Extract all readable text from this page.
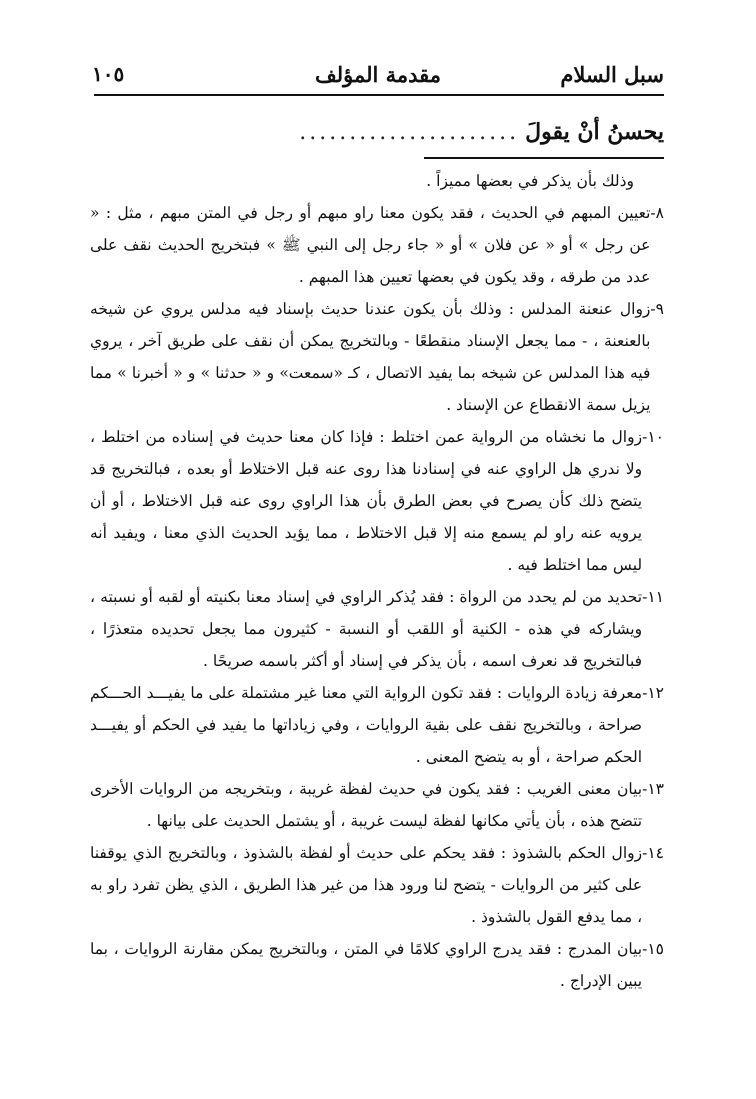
سبل السلام
مقدمة المؤلف
١٠٥
يحسنُ أنْ يقولَ
......................
وذلك بأن يذكر في بعضها مميزاً .
٨-
تعيين المبهم في الحديث ، فقد يكون معنا راو مبهم أو رجل في المتن مبهم ، مثل : « عن رجل » أو « عن فلان » أو « جاء رجل إلى النبي ﷺ » فبتخريج الحديث نقف على عدد من طرقه ، وقد يكون في بعضها تعيين هذا المبهم .
٩-
زوال عنعنة المدلس : وذلك بأن يكون عندنا حديث بإسناد فيه مدلس يروي عن شيخه بالعنعنة ، - مما يجعل الإسناد منقطعًا - وبالتخريج يمكن أن نقف على طريق آخر ، يروي فيه هذا المدلس عن شيخه بما يفيد الاتصال ، كـ «سمعت» و « حدثنا » و « أخبرنا » مما يزيل سمة الانقطاع عن الإسناد .
١٠-
زوال ما نخشاه من الرواية عمن اختلط : فإذا كان معنا حديث في إسناده من اختلط ، ولا ندري هل الراوي عنه في إسنادنا هذا روى عنه قبل الاختلاط أو بعده ، فبالتخريج قد يتضح ذلك كأن يصرح في بعض الطرق بأن هذا الراوي روى عنه قبل الاختلاط ، أو أن يرويه عنه راو لم يسمع منه إلا قبل الاختلاط ، مما يؤيد الحديث الذي معنا ، ويفيد أنه ليس مما اختلط فيه .
١١-
تحديد من لم يحدد من الرواة : فقد يُذكر الراوي في إسناد معنا بكنيته أو لقبه أو نسبته ، ويشاركه في هذه - الكنية أو اللقب أو النسبة - كثيرون مما يجعل تحديده متعذرًا ، فبالتخريج قد نعرف اسمه ، بأن يذكر في إسناد أو أكثر باسمه صريحًا .
١٢-
معرفة زيادة الروايات : فقد تكون الرواية التي معنا غير مشتملة على ما يفيـــد الحـــكم صراحة ، وبالتخريج نقف على بقية الروايات ، وفي زياداتها ما يفيد في الحكم أو يفيـــد الحكم صراحة ، أو به يتضح المعنى .
١٣-
بيان معنى الغريب : فقد يكون في حديث لفظة غريبة ، وبتخريجه من الروايات الأخرى تتضح هذه ، بأن يأتي مكانها لفظة ليست غريبة ، أو يشتمل الحديث على بيانها .
١٤-
زوال الحكم بالشذوذ : فقد يحكم على حديث أو لفظة بالشذوذ ، وبالتخريج الذي يوقفنا على كثير من الروايات - يتضح لنا ورود هذا من غير هذا الطريق ، الذي يظن تفرد راو به ، مما يدفع القول بالشذوذ .
١٥-
بيان المدرج : فقد يدرج الراوي كلامًا في المتن ، وبالتخريج يمكن مقارنة الروايات ، بما يبين الإدراج .
